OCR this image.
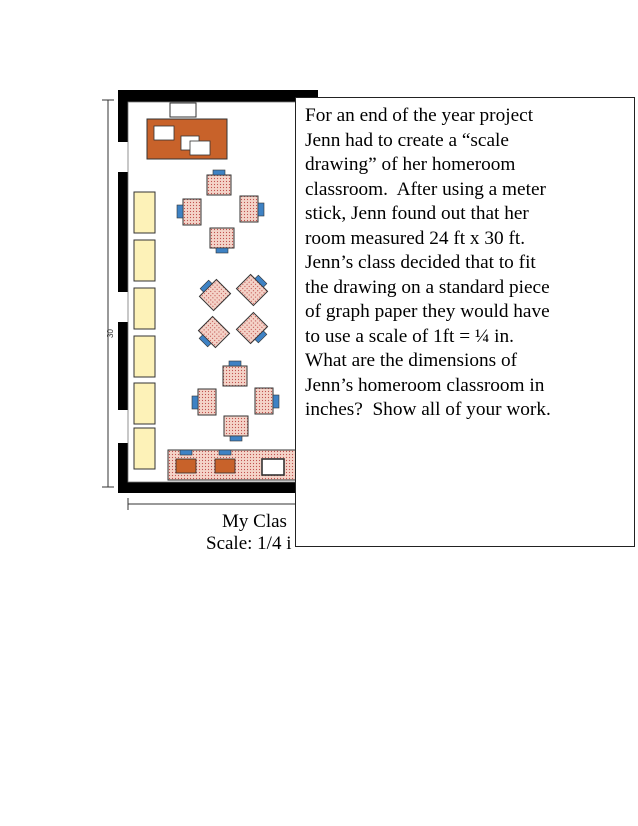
30

My Clas

Scale: 1/4 i

For an end of the year project
Jenn had to create a “scale
drawing” of her homeroom
classroom.  After using a meter
stick, Jenn found out that her
room measured 24 ft x 30 ft.
Jenn’s class decided that to fit
the drawing on a standard piece
of graph paper they would have
to use a scale of 1ft = ¼ in.
What are the dimensions of
Jenn’s homeroom classroom in
inches?  Show all of your work.
